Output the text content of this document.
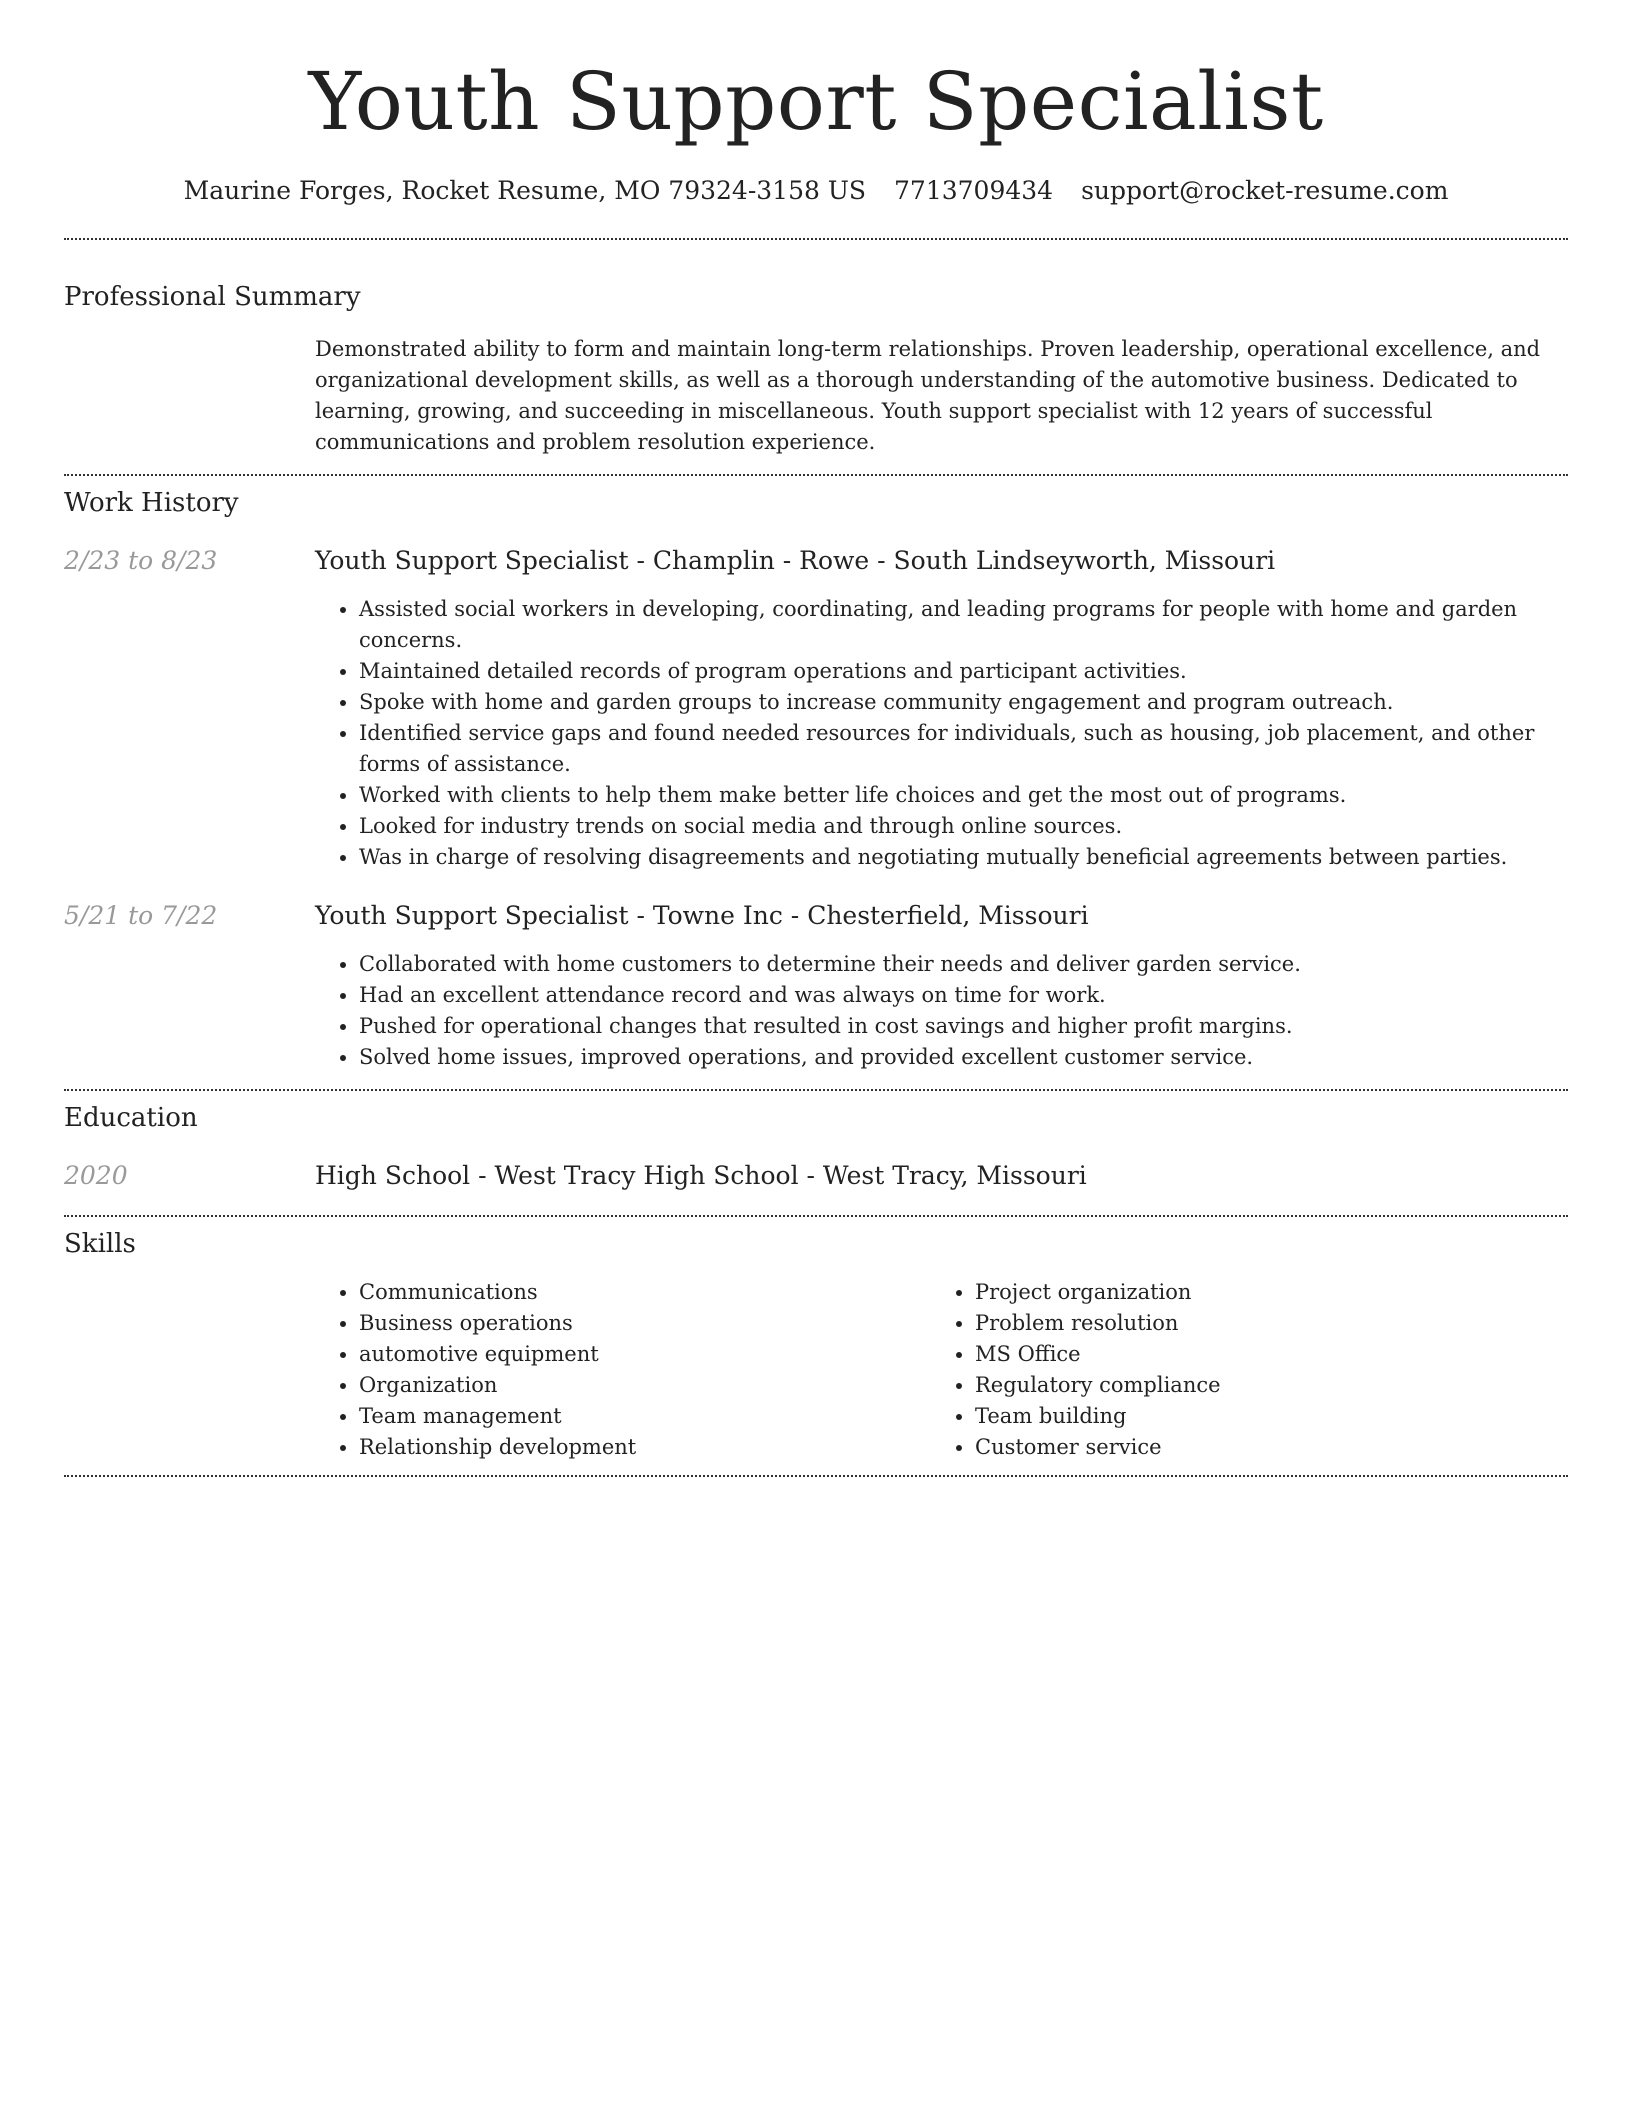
Youth Support Specialist
Maurine Forges, Rocket Resume, MO 79324-3158 US 7713709434 support@rocket-resume.com
Professional Summary

Demonstrated ability to form and maintain long-term relationships. Proven leadership, operational excellence, and organizational development skills, as well as a thorough understanding of the automotive business. Dedicated to learning, growing, and succeeding in miscellaneous. Youth support specialist with 12 years of successful communications and problem resolution experience.

Work History
2/23 to 8/23	Youth Support Specialist - Champlin - Rowe - South Lindseyworth, Missouri
• Assisted social workers in developing, coordinating, and leading programs for people with home and garden concerns.
• Maintained detailed records of program operations and participant activities.
• Spoke with home and garden groups to increase community engagement and program outreach.
• Identified service gaps and found needed resources for individuals, such as housing, job placement, and other forms of assistance.
• Worked with clients to help them make better life choices and get the most out of programs.
• Looked for industry trends on social media and through online sources.
• Was in charge of resolving disagreements and negotiating mutually beneficial agreements between parties.
5/21 to 7/22	Youth Support Specialist - Towne Inc - Chesterfield, Missouri
• Collaborated with home customers to determine their needs and deliver garden service.
• Had an excellent attendance record and was always on time for work.
• Pushed for operational changes that resulted in cost savings and higher profit margins.
• Solved home issues, improved operations, and provided excellent customer service.
Education
2020	High School - West Tracy High School - West Tracy, Missouri
Skills
• Communications
• Business operations
• automotive equipment
• Organization
• Team management
• Relationship development
• Project organization
• Problem resolution
• MS Office
• Regulatory compliance
• Team building
• Customer service
